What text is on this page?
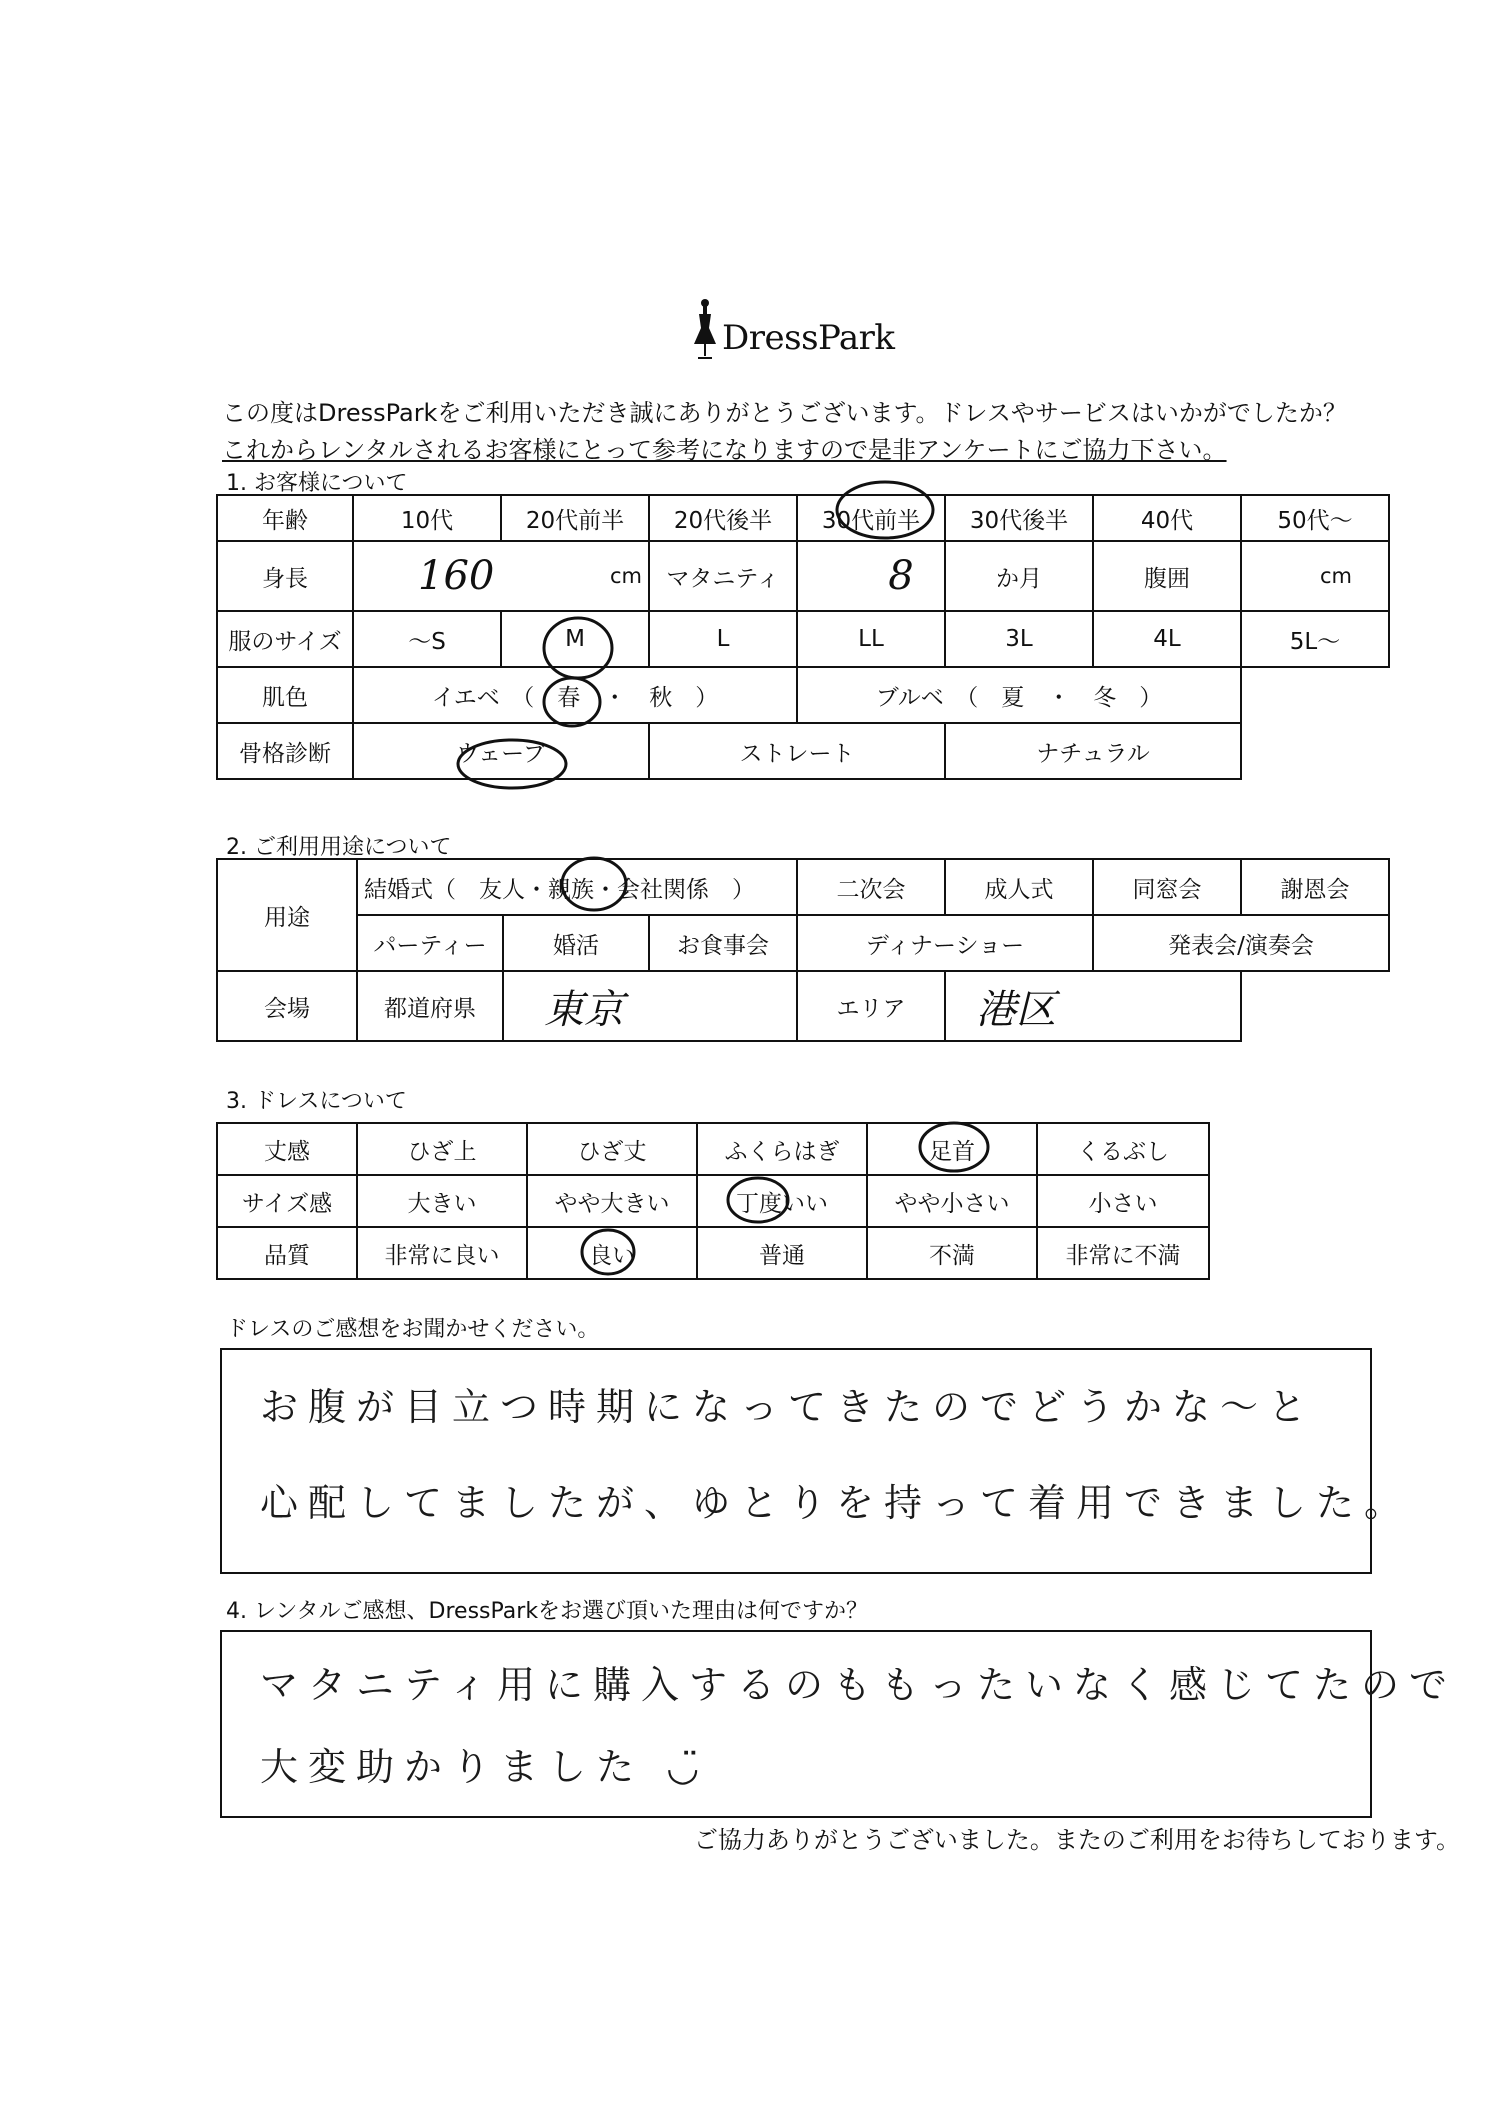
DressPark
この度はDressParkをご利用いただき誠にありがとうございます。ドレスやサービスはいかがでしたか？
これからレンタルされるお客様にとって参考になりますので是非アンケートにご協力下さい。
1. お客様について
年齢	10代	20代前半	20代後半	30代前半	30代後半	40代	50代〜
身長	160 cm		マタニティ	8	か月	腹囲	cm
服のサイズ	〜S	M	L	LL	3L	4L	5L〜
肌色	イエベ　（　春　・　秋　）			ブルベ　（　夏　・　冬　）			
骨格診断	ウェーブ		ストレート		ナチュラル		
2. ご利用用途について
用途	結婚式（　友人・親族・会社関係　）			二次会	成人式	同窓会	謝恩会
	パーティー	婚活	お食事会	ディナーショー		発表会/演奏会	
会場	都道府県	東京		エリア	港区		
3. ドレスについて
丈感	ひざ上	ひざ丈	ふくらはぎ	足首	くるぶし
サイズ感	大きい	やや大きい	丁度いい	やや小さい	小さい
品質	非常に良い	良い	普通	不満	非常に不満
ドレスのご感想をお聞かせください。
お腹が目立つ時期になってきたのでどうかな〜と
心配してましたが、ゆとりを持って着用できました。
4. レンタルご感想、DressParkをお選び頂いた理由は何ですか？
マタニティ用に購入するのももったいなく感じてたので
大変助かりました ◡̈
ご協力ありがとうございました。またのご利用をお待ちしております。
